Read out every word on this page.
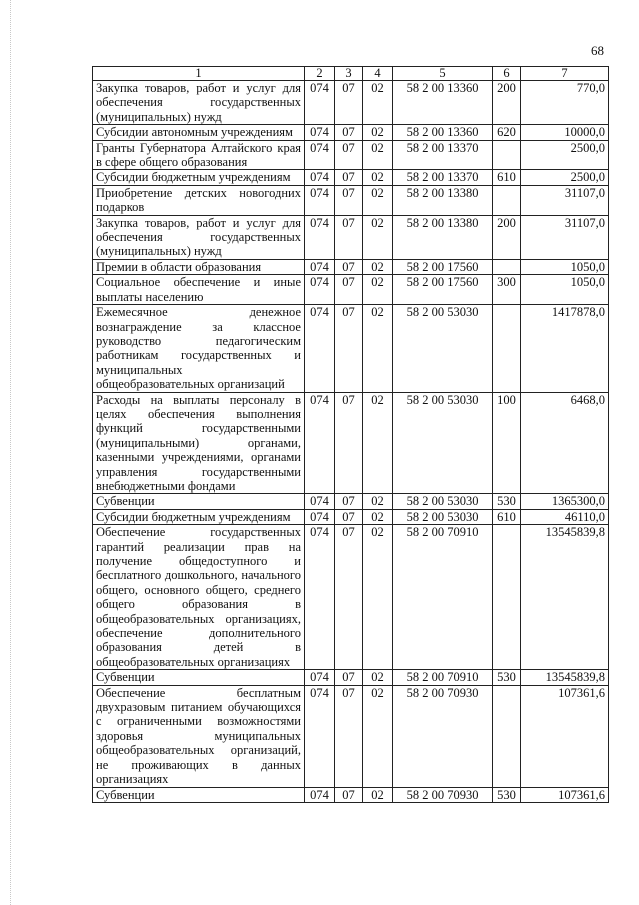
68
1	2	3	4	5	6	7
Закупка товаров, работ и услуг для обеспечения государственных (муниципальных) нужд	074	07	02	58 2 00 13360	200	770,0
Субсидии автономным учреждениям	074	07	02	58 2 00 13360	620	10000,0
Гранты Губернатора Алтайского края в сфере общего образования	074	07	02	58 2 00 13370		2500,0
Субсидии бюджетным учреждениям	074	07	02	58 2 00 13370	610	2500,0
Приобретение детских новогодних подарков	074	07	02	58 2 00 13380		31107,0
Закупка товаров, работ и услуг для обеспечения государственных (муниципальных) нужд	074	07	02	58 2 00 13380	200	31107,0
Премии в области образования	074	07	02	58 2 00 17560		1050,0
Социальное обеспечение и иные выплаты населению	074	07	02	58 2 00 17560	300	1050,0
Ежемесячное денежное вознаграждение за классное руководство педагогическим работникам государственных и муниципальных общеобразовательных организаций	074	07	02	58 2 00 53030		1417878,0
Расходы на выплаты персоналу в целях обеспечения выполнения функций государственными (муниципальными) органами, казенными учреждениями, органами управления государственными внебюджетными фондами	074	07	02	58 2 00 53030	100	6468,0
Субвенции	074	07	02	58 2 00 53030	530	1365300,0
Субсидии бюджетным учреждениям	074	07	02	58 2 00 53030	610	46110,0
Обеспечение государственных гарантий реализации прав на получение общедоступного и бесплатного дошкольного, начального общего, основного общего, среднего общего образования в общеобразовательных организациях, обеспечение дополнительного образования детей в общеобразовательных организациях	074	07	02	58 2 00 70910		13545839,8
Субвенции	074	07	02	58 2 00 70910	530	13545839,8
Обеспечение бесплатным двухразовым питанием обучающихся с ограниченными возможностями здоровья муниципальных общеобразовательных организаций, не проживающих в данных организациях	074	07	02	58 2 00 70930		107361,6
Субвенции	074	07	02	58 2 00 70930	530	107361,6
